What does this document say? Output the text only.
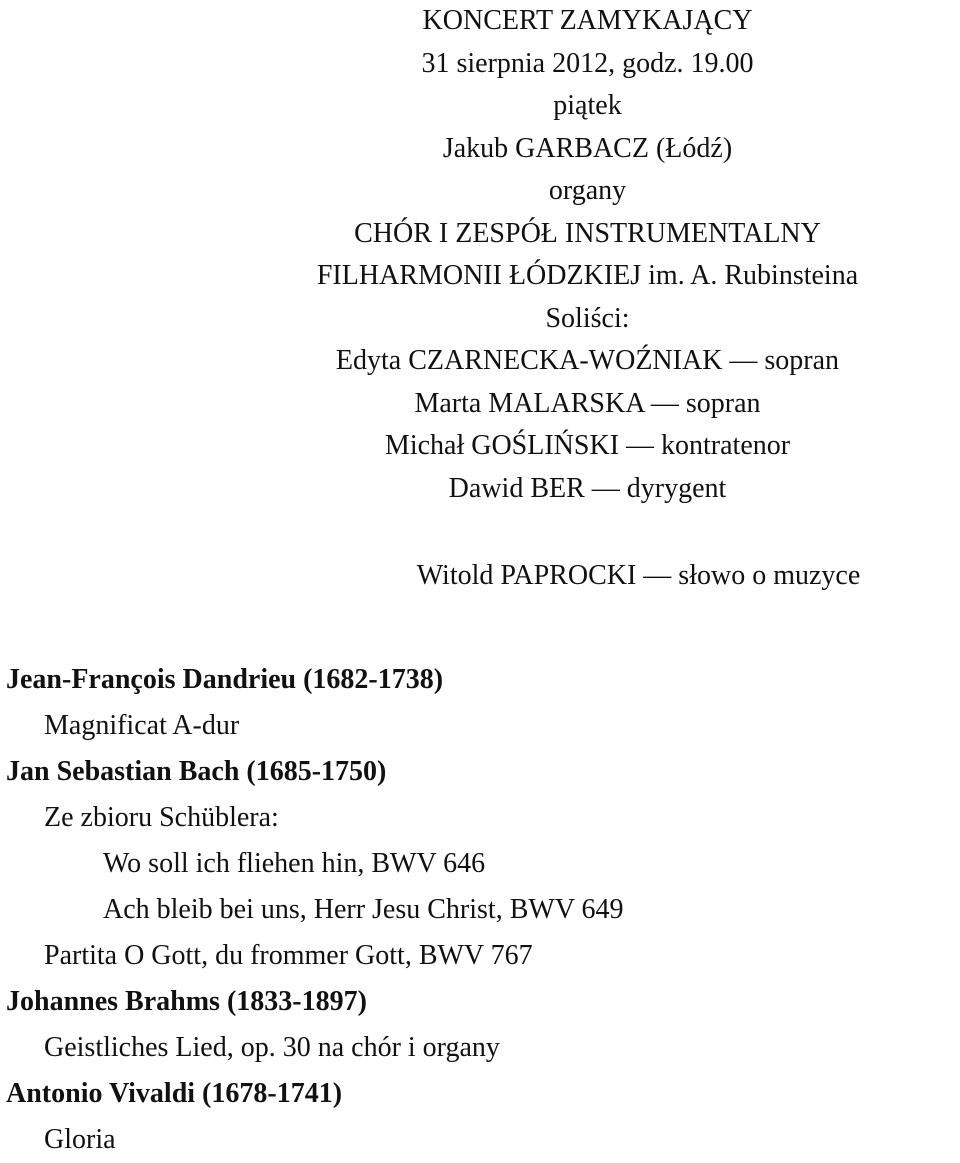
KONCERT ZAMYKAJĄCY
31 sierpnia 2012, godz. 19.00
piątek
Jakub GARBACZ (Łódź)
organy
CHÓR I ZESPÓŁ INSTRUMENTALNY
FILHARMONII ŁÓDZKIEJ im. A. Rubinsteina
Soliści:
Edyta CZARNECKA-WOŹNIAK — sopran
Marta MALARSKA — sopran
Michał GOŚLIŃSKI — kontratenor
Dawid BER — dyrygent
Witold PAPROCKI — słowo o muzyce
Jean-François Dandrieu (1682-1738)
Magnificat A-dur
Jan Sebastian Bach (1685-1750)
Ze zbioru Schüblera:
Wo soll ich fliehen hin, BWV 646
Ach bleib bei uns, Herr Jesu Christ, BWV 649
Partita O Gott, du frommer Gott, BWV 767
Johannes Brahms (1833-1897)
Geistliches Lied, op. 30 na chór i organy
Antonio Vivaldi (1678-1741)
Gloria
